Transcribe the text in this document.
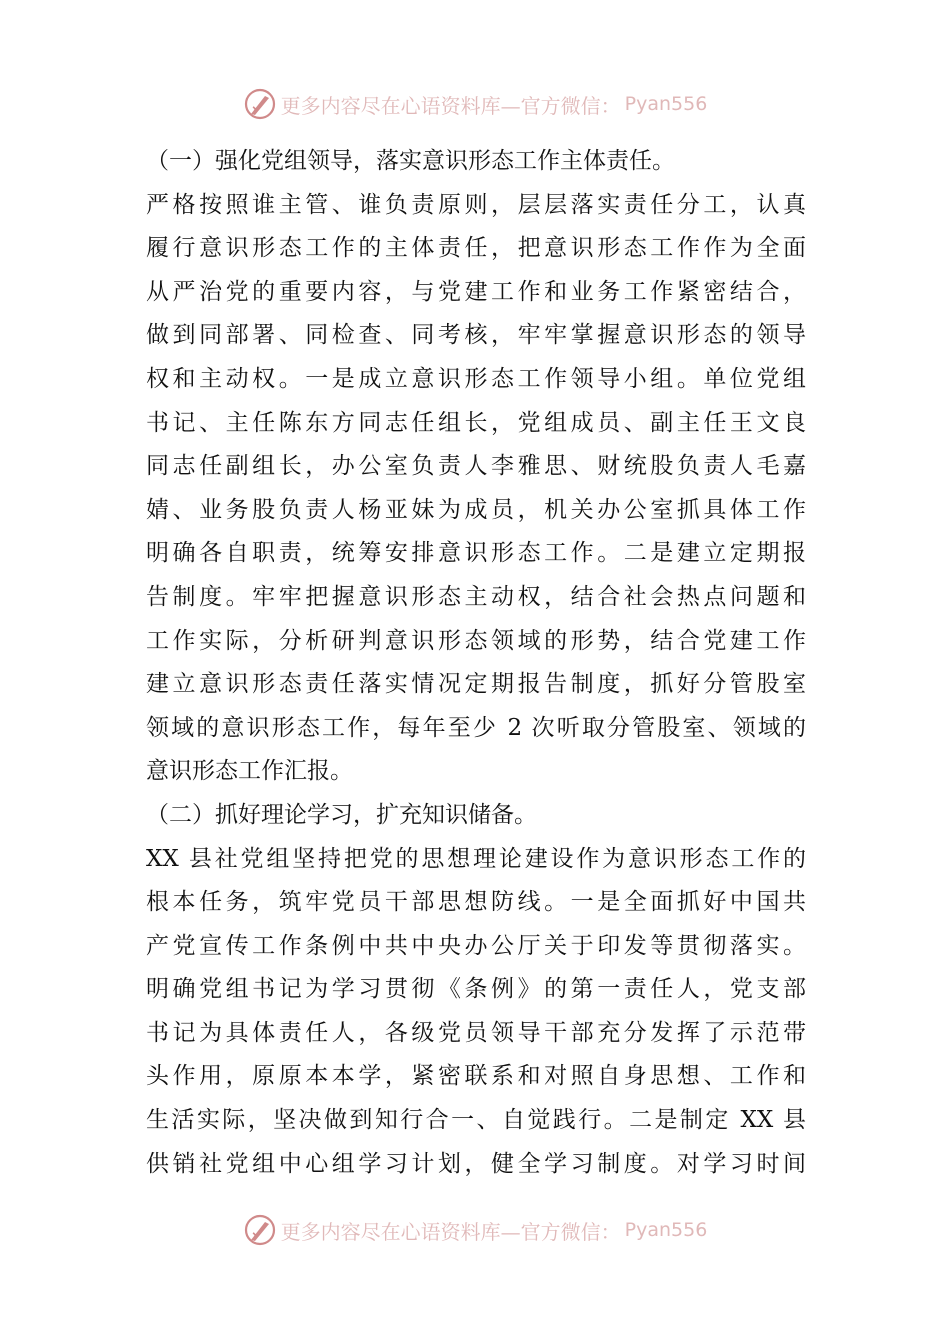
更多内容尽在心语资料库—官方微信： Pyan556
（一）强化党组领导，落实意识形态工作主体责任。
严格按照谁主管、谁负责原则，层层落实责任分工，认真
履行意识形态工作的主体责任，把意识形态工作作为全面
从严治党的重要内容，与党建工作和业务工作紧密结合，
做到同部署、同检查、同考核，牢牢掌握意识形态的领导
权和主动权。一是成立意识形态工作领导小组。单位党组
书记、主任陈东方同志任组长，党组成员、副主任王文良
同志任副组长，办公室负责人李雅思、财统股负责人毛嘉
婧、业务股负责人杨亚妹为成员，机关办公室抓具体工作
明确各自职责，统筹安排意识形态工作。二是建立定期报
告制度。牢牢把握意识形态主动权，结合社会热点问题和
工作实际，分析研判意识形态领域的形势，结合党建工作
建立意识形态责任落实情况定期报告制度，抓好分管股室
领域的意识形态工作，每年至少 2 次听取分管股室、领域的
意识形态工作汇报。
（二）抓好理论学习，扩充知识储备。
XX 县社党组坚持把党的思想理论建设作为意识形态工作的
根本任务，筑牢党员干部思想防线。一是全面抓好中国共
产党宣传工作条例中共中央办公厅关于印发等贯彻落实。
明确党组书记为学习贯彻《条例》的第一责任人，党支部
书记为具体责任人，各级党员领导干部充分发挥了示范带
头作用，原原本本学，紧密联系和对照自身思想、工作和
生活实际，坚决做到知行合一、自觉践行。二是制定 XX 县
供销社党组中心组学习计划，健全学习制度。对学习时间
更多内容尽在心语资料库—官方微信： Pyan556
